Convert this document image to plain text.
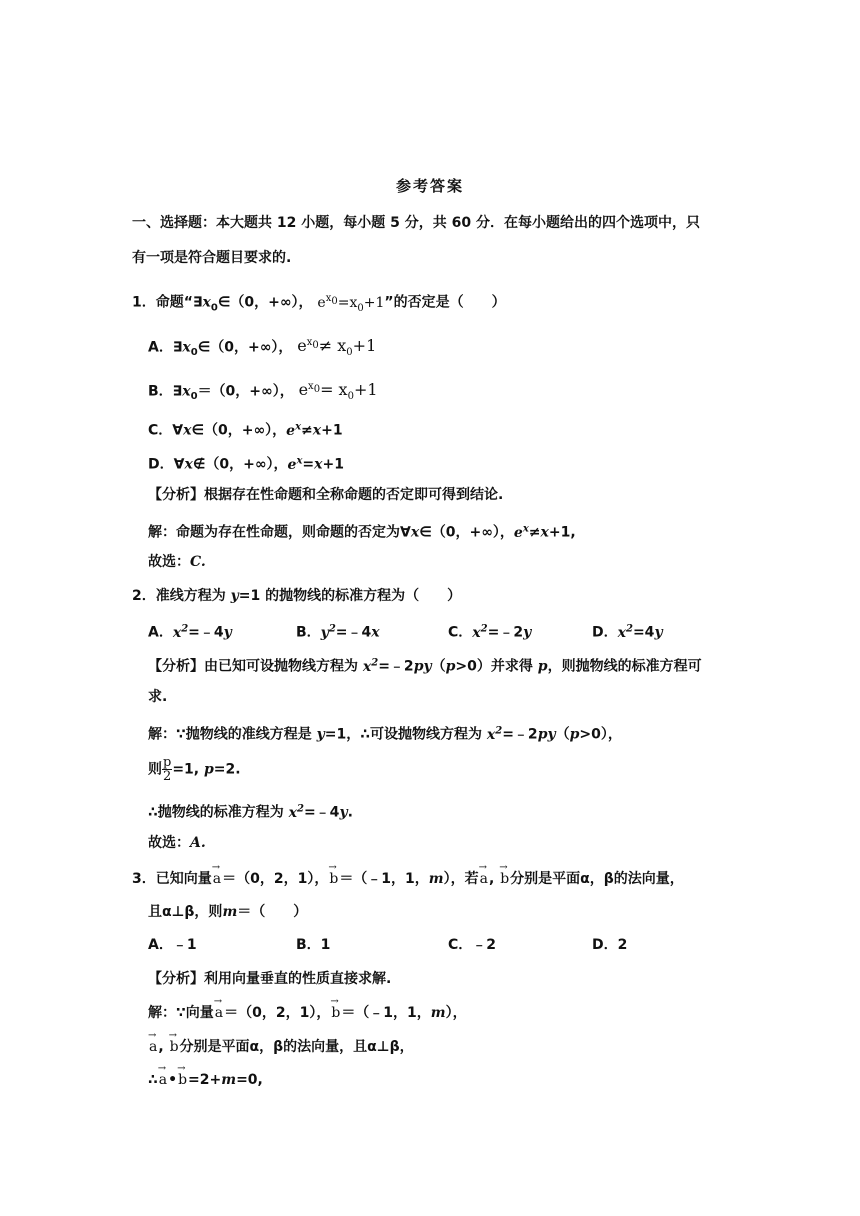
参考答案
一、选择题：本大题共 12 小题，每小题 5 分，共 60 分．在每小题给出的四个选项中，只
有一项是符合题目要求的.
1．命题“$\exists x_0\in(0$，+∞）， $e^{x_0}=x_0+1$”的否定是（　　）
A．$\exists x_0\in(0$，+∞）， $e^{x_0}\ne x_0+1$
B．$\exists x_0=(0$，+∞）， $e^{x_0}= x_0+1$
C．∀x∈（0，+∞），$e^x\ne x+1$
D．∀x∉（0，+∞），$e^x=x+1$
【分析】根据存在性命题和全称命题的否定即可得到结论.
解：命题为存在性命题，则命题的否定为∀x∈（0，+∞），$e^x\ne x+1$,
故选：C.
2．准线方程为 y=1 的抛物线的标准方程为（　　）
A．$x^2=﹣4y$	B．$y^2=﹣4x$	C．$x^2=﹣2y$	D．$x^2=4y$
【分析】由已知可设抛物线方程为 $x^2=﹣2py(p>0)$并求得 p，则抛物线的标准方程可
求.
解：∵抛物线的准线方程是 y=1，∴可设抛物线方程为 $x^2=﹣2py(p>0)$，
则 $\frac{p}{2} =1$, p=2.
∴抛物线的标准方程为 $x^2=﹣4y$.
故选：A.
3．已知向量→ a＝（0，2，1），→ b＝（﹣1，1，m），若→ a, → b分别是平面α，β的法向量，
且α⊥β，则m＝（　　）
A．﹣1	B．1	C．﹣2	D．2
【分析】利用向量垂直的性质直接求解.
解：∵向量→ a＝（0，2，1），→ b＝（﹣1，1，m），
→ a, → b分别是平面α，β的法向量，且α⊥β，
∴→ a•→ b=2+m=0,
